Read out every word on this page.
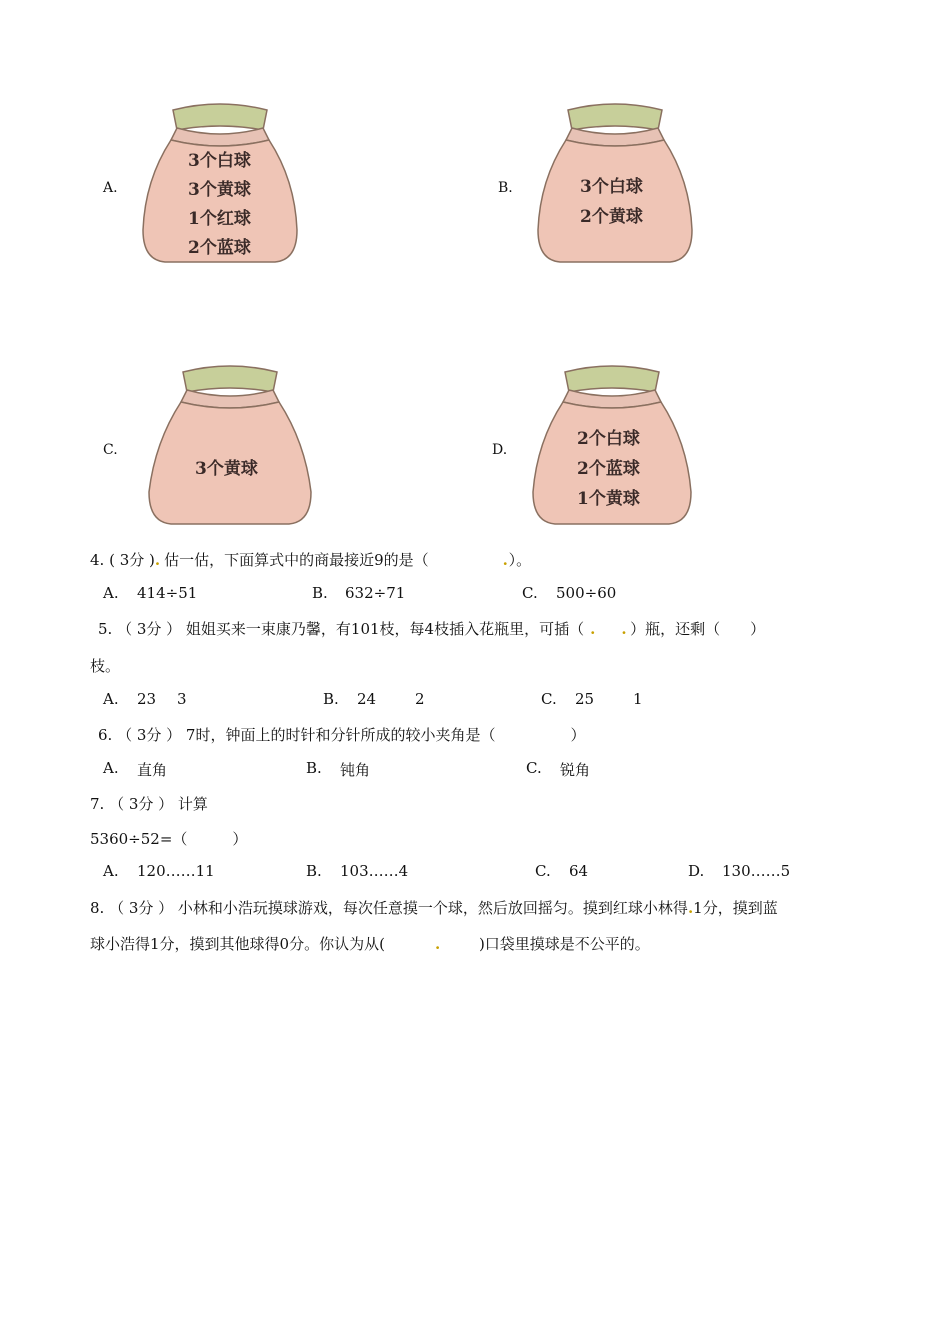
A.
3个白球
3个黄球
1个红球
2个蓝球
B.	3个白球
2个黄球
C.
3个黄球
D.
2个白球
2个蓝球
1个黄球
4. ( 3分 ). 估一估，下面算式中的商最接近9的是（	.）。
A. 414÷51	B. 632÷71	C. 500÷60
5. （ 3分 ） 姐姐买来一束康乃馨，有101枝，每4枝插入花瓶里，可插（ . . ）瓶，还剩（　　）
枝。
A. 23 3	B. 24	2	C. 25	1
6. （ 3分 ） 7时，钟面上的时针和分针所成的较小夹角是（　　　　　）
A. 直角	B. 钝角	C. 锐角
7. （ 3分 ） 计算
5360÷52=（　　　）
A. 120……11	B. 103……4	C. 64	D. 130……5
8. （ 3分 ） 小林和小浩玩摸球游戏，每次任意摸一个球，然后放回摇匀。摸到红球小林得.1分，摸到蓝
球小浩得1分，摸到其他球得0分。你认为从(	.	)口袋里摸球是不公平的。
